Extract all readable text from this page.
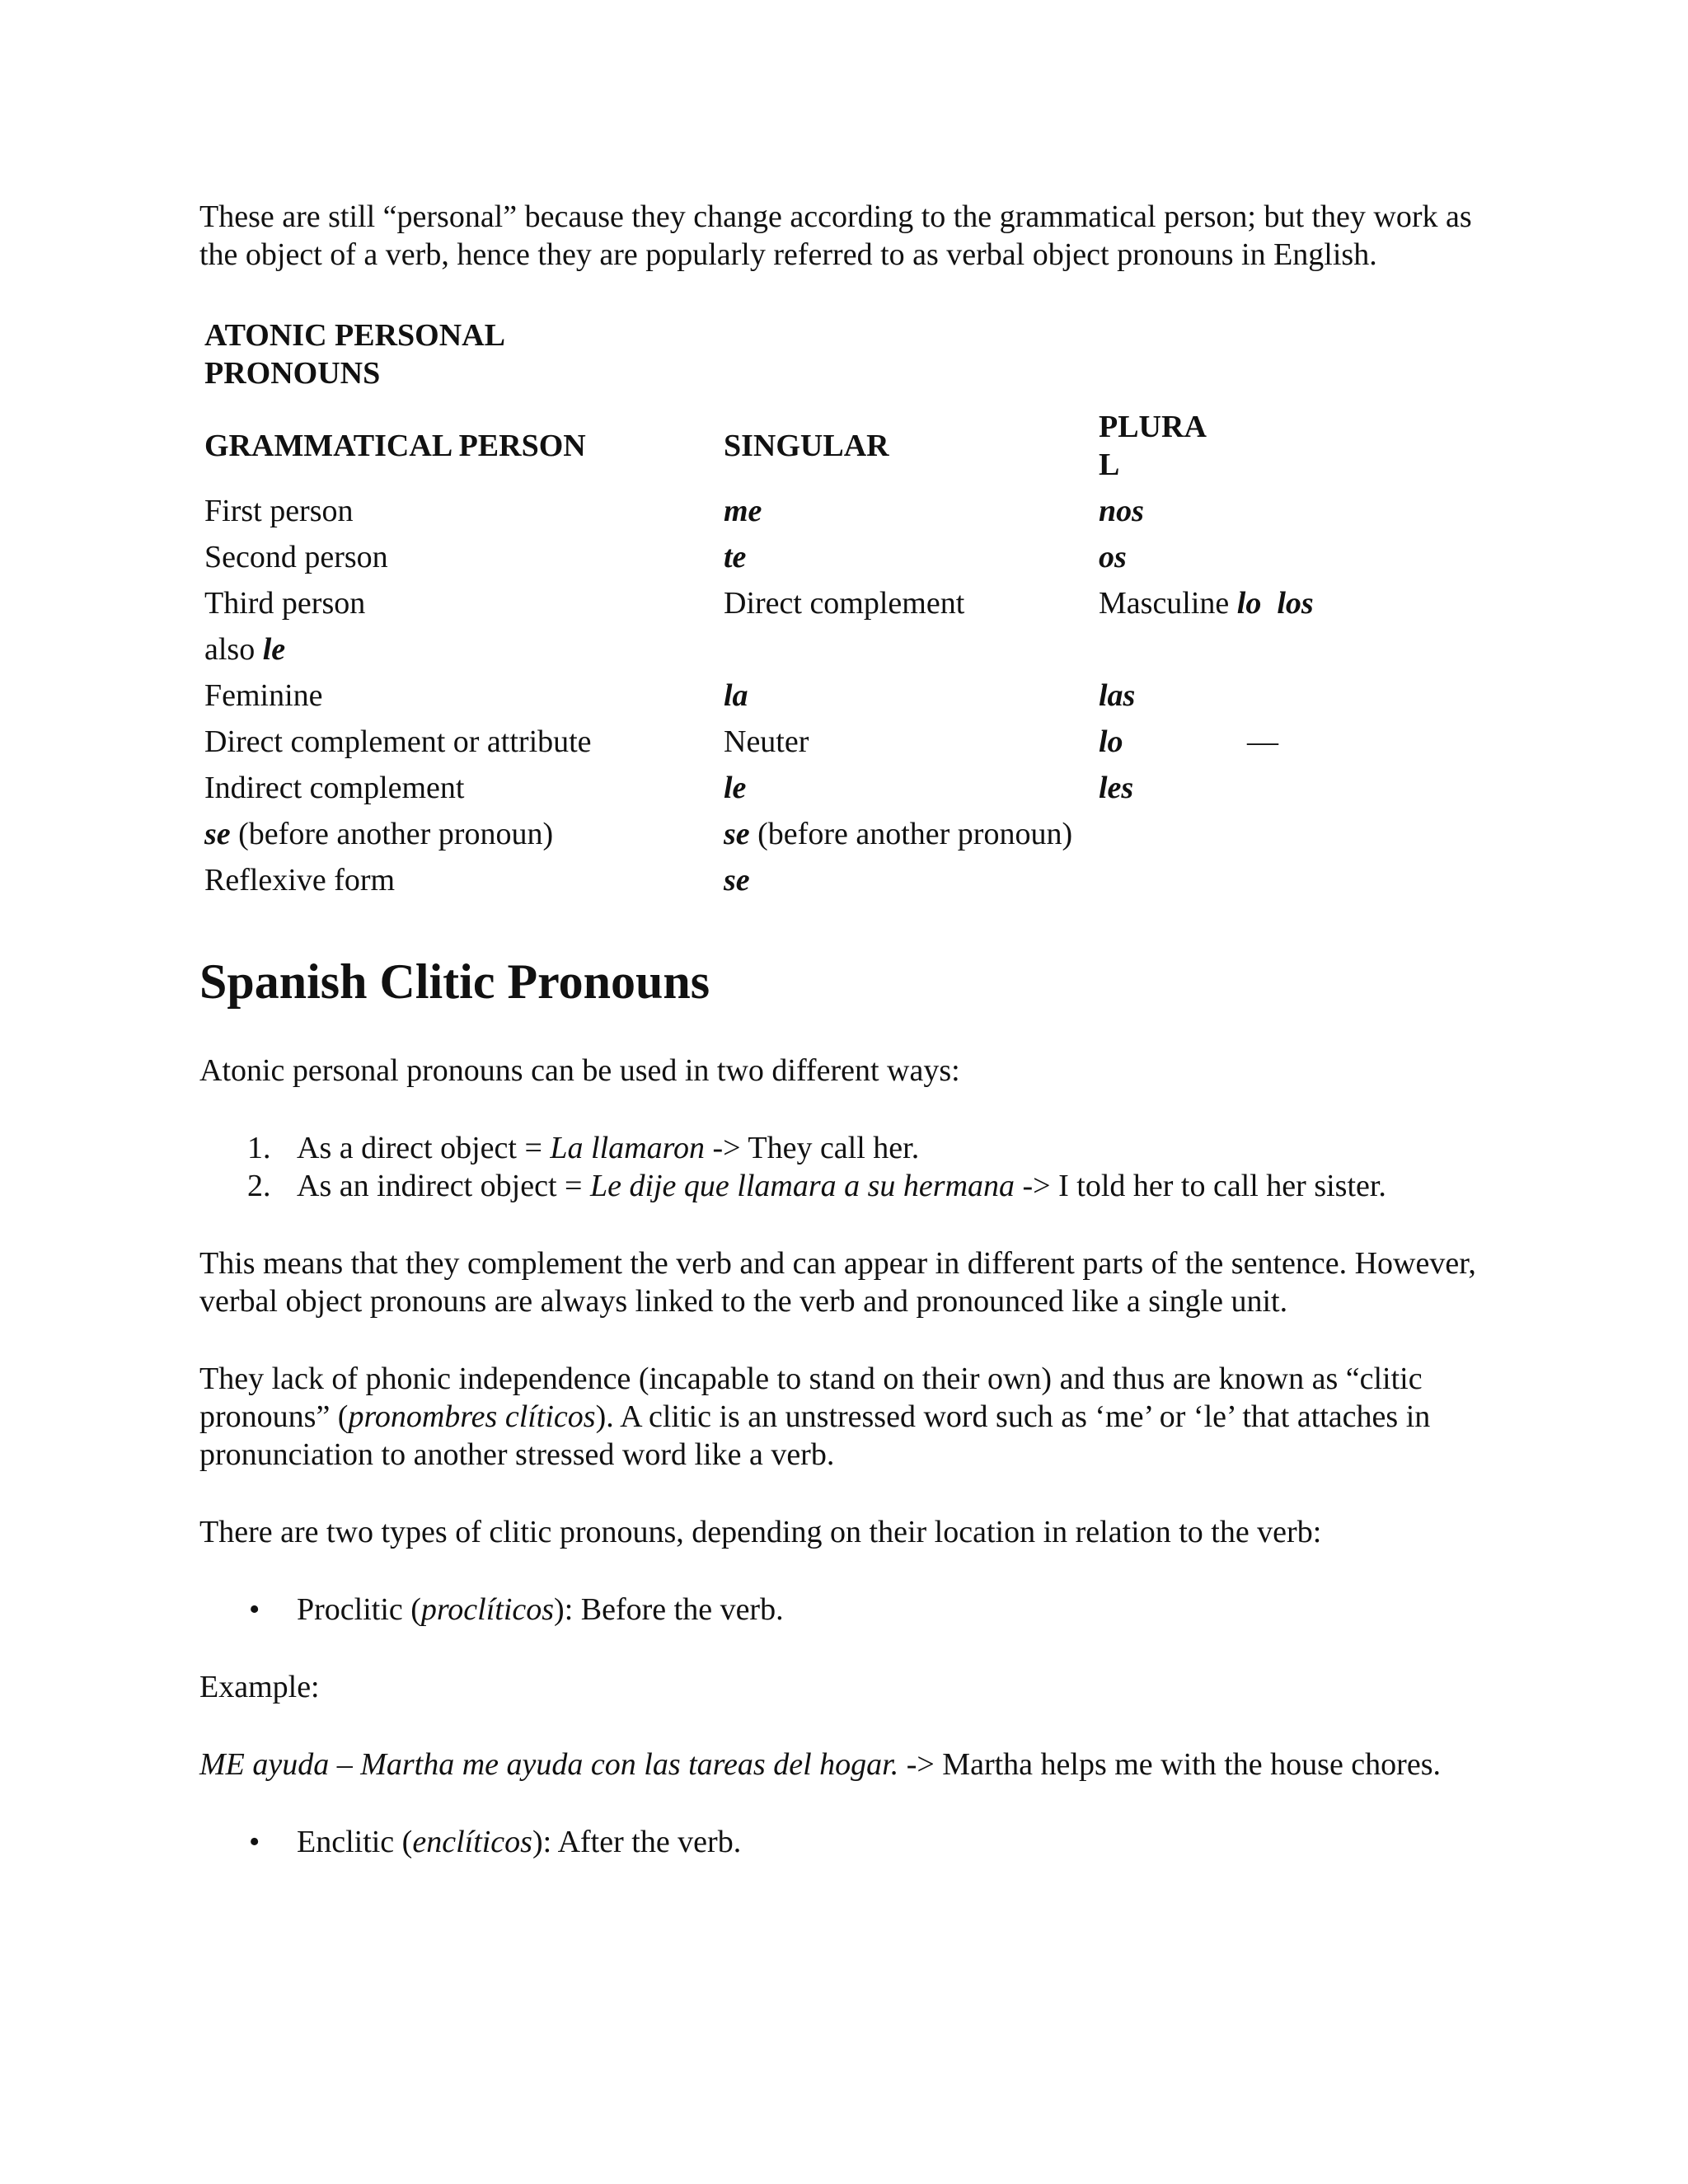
These are still “personal” because they change according to the grammatical person; but they work as the object of a verb, hence they are popularly referred to as verbal object pronouns in English.

ATONIC PERSONAL PRONOUNS
GRAMMATICAL PERSON	SINGULAR	PLURAL	

First person	me	nos	
Second person	te	os	
Third person	Direct complement	Masculine lo los	
also le			
Feminine	la	las	
Direct complement or attribute	Neuter	lo	—
Indirect complement	le	les	
se (before another pronoun)	se (before another pronoun)		
Reflexive form	se		
Spanish Clitic Pronouns

Atonic personal pronouns can be used in two different ways:

1. As a direct object = La llamaron -> They call her.
2. As an indirect object = Le dije que llamara a su hermana -> I told her to call her sister.

This means that they complement the verb and can appear in different parts of the sentence. However, verbal object pronouns are always linked to the verb and pronounced like a single unit.

They lack of phonic independence (incapable to stand on their own) and thus are known as “clitic pronouns” (pronombres clíticos). A clitic is an unstressed word such as ‘me’ or ‘le’ that attaches in pronunciation to another stressed word like a verb.

There are two types of clitic pronouns, depending on their location in relation to the verb:

• Proclitic (proclíticos): Before the verb.

Example:

ME ayuda – Martha me ayuda con las tareas del hogar. -> Martha helps me with the house chores.

• Enclitic (enclíticos): After the verb.
